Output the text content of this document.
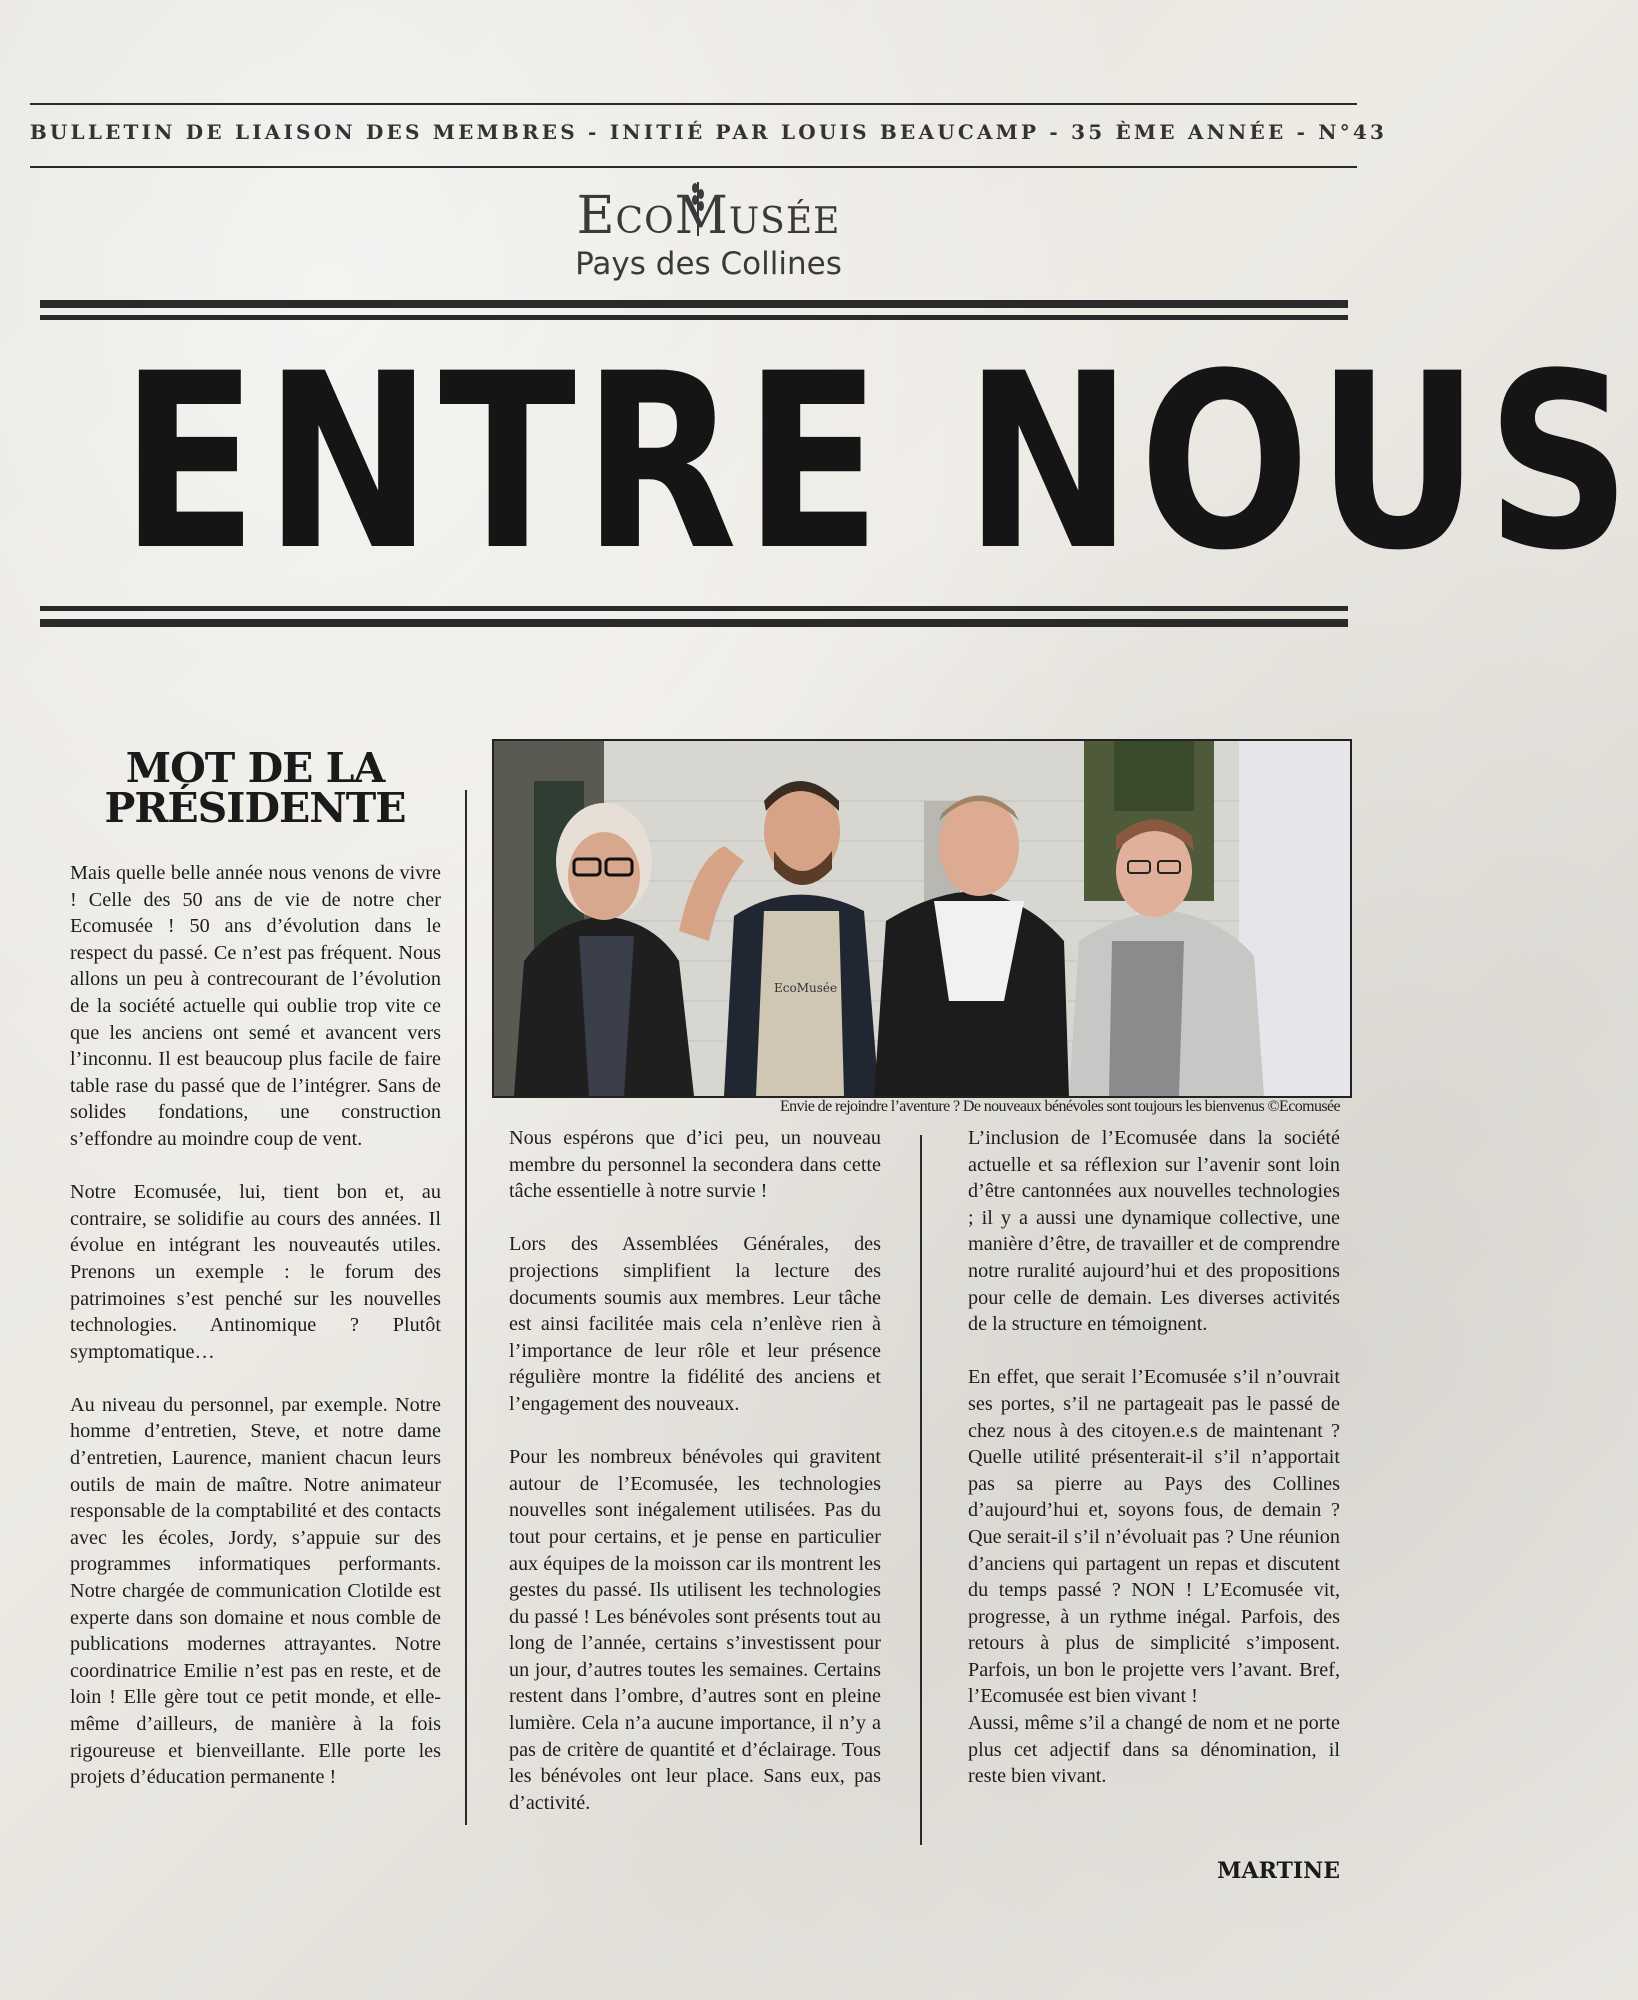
BULLETIN DE LIAISON DES MEMBRES - INITIÉ PAR LOUIS BEAUCAMP - 35 ÈME ANNÉE - N°43
EcoMusée
Pays des Collines
ENTRE NOUS
MOT DE LA PRÉSIDENTE

Mais quelle belle année nous venons de vivre ! Celle des 50 ans de vie de notre cher Ecomusée ! 50 ans d’évolution dans le respect du passé. Ce n’est pas fréquent. Nous allons un peu à contrecourant de l’évolution de la société actuelle qui oublie trop vite ce que les anciens ont semé et avancent vers l’inconnu. Il est beaucoup plus facile de faire table rase du passé que de l’intégrer. Sans de solides fondations, une construction s’effondre au moindre coup de vent.

Notre Ecomusée, lui, tient bon et, au contraire, se solidifie au cours des années. Il évolue en intégrant les nouveautés utiles. Prenons un exemple : le forum des patrimoines s’est penché sur les nouvelles technologies. Antinomique ? Plutôt symptomatique…

Au niveau du personnel, par exemple. Notre homme d’entretien, Steve, et notre dame d’entretien, Laurence, manient chacun leurs outils de main de maître. Notre animateur responsable de la comptabilité et des contacts avec les écoles, Jordy, s’appuie sur des programmes informatiques performants. Notre chargée de communication Clotilde est experte dans son domaine et nous comble de publications modernes attrayantes. Notre coordinatrice Emilie n’est pas en reste, et de loin ! Elle gère tout ce petit monde, et elle-même d’ailleurs, de manière à la fois rigoureuse et bienveillante. Elle porte les projets d’éducation permanente !

EcoMusée
Envie de rejoindre l’aventure ? De nouveaux bénévoles sont toujours les bienvenus ©Ecomusée

Nous espérons que d’ici peu, un nouveau membre du personnel la secondera dans cette tâche essentielle à notre survie !

Lors des Assemblées Générales, des projections simplifient la lecture des documents soumis aux membres. Leur tâche est ainsi facilitée mais cela n’enlève rien à l’importance de leur rôle et leur présence régulière montre la fidélité des anciens et l’engagement des nouveaux.

Pour les nombreux bénévoles qui gravitent autour de l’Ecomusée, les technologies nouvelles sont inégalement utilisées. Pas du tout pour certains, et je pense en particulier aux équipes de la moisson car ils montrent les gestes du passé. Ils utilisent les technologies du passé ! Les bénévoles sont présents tout au long de l’année, certains s’investissent pour un jour, d’autres toutes les semaines. Certains restent dans l’ombre, d’autres sont en pleine lumière. Cela n’a aucune importance, il n’y a pas de critère de quantité et d’éclairage. Tous les bénévoles ont leur place. Sans eux, pas d’activité.

L’inclusion de l’Ecomusée dans la société actuelle et sa réflexion sur l’avenir sont loin d’être cantonnées aux nouvelles technologies ; il y a aussi une dynamique collective, une manière d’être, de travailler et de comprendre notre ruralité aujourd’hui et des propositions pour celle de demain. Les diverses activités de la structure en témoignent.

En effet, que serait l’Ecomusée s’il n’ouvrait ses portes, s’il ne partageait pas le passé de chez nous à des citoyen.e.s de maintenant ? Quelle utilité présenterait-il s’il n’apportait pas sa pierre au Pays des Collines d’aujourd’hui et, soyons fous, de demain ? Que serait-il s’il n’évoluait pas ? Une réunion d’anciens qui partagent un repas et discutent du temps passé ? NON ! L’Ecomusée vit, progresse, à un rythme inégal. Parfois, des retours à plus de simplicité s’imposent. Parfois, un bon le projette vers l’avant. Bref, l’Ecomusée est bien vivant !
Aussi, même s’il a changé de nom et ne porte plus cet adjectif dans sa dénomination, il reste bien vivant.

MARTINE
